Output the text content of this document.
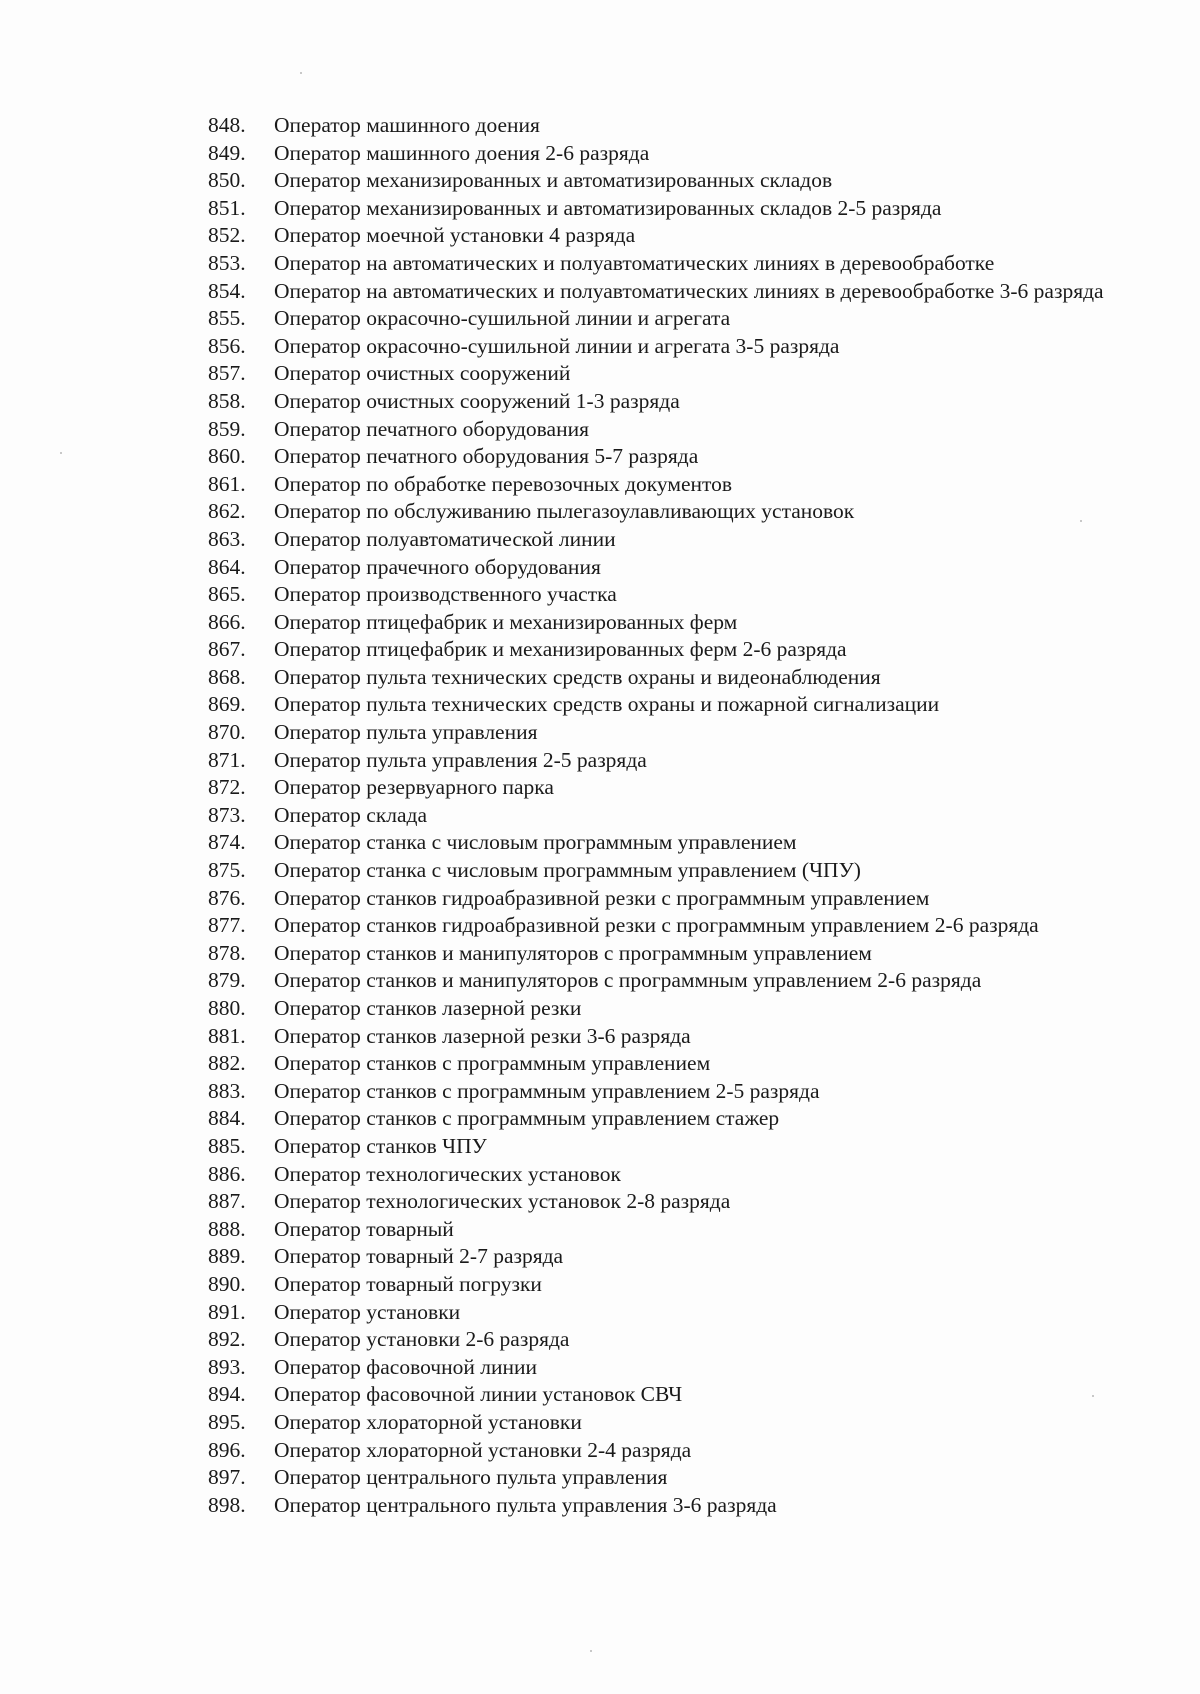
848.	Оператор машинного доения
849.	Оператор машинного доения 2-6 разряда
850.	Оператор механизированных и автоматизированных складов
851.	Оператор механизированных и автоматизированных складов 2-5 разряда
852.	Оператор моечной установки 4 разряда
853.	Оператор на автоматических и полуавтоматических линиях в деревообработке
854.	Оператор на автоматических и полуавтоматических линиях в деревообработке 3-6 разряда
855.	Оператор окрасочно-сушильной линии и агрегата
856.	Оператор окрасочно-сушильной линии и агрегата 3-5 разряда
857.	Оператор очистных сооружений
858.	Оператор очистных сооружений 1-3 разряда
859.	Оператор печатного оборудования
860.	Оператор печатного оборудования 5-7 разряда
861.	Оператор по обработке перевозочных документов
862.	Оператор по обслуживанию пылегазоулавливающих установок
863.	Оператор полуавтоматической линии
864.	Оператор прачечного оборудования
865.	Оператор производственного участка
866.	Оператор птицефабрик и механизированных ферм
867.	Оператор птицефабрик и механизированных ферм 2-6 разряда
868.	Оператор пульта технических средств охраны и видеонаблюдения
869.	Оператор пульта технических средств охраны и пожарной сигнализации
870.	Оператор пульта управления
871.	Оператор пульта управления 2-5 разряда
872.	Оператор резервуарного парка
873.	Оператор склада
874.	Оператор станка с числовым программным управлением
875.	Оператор станка с числовым программным управлением (ЧПУ)
876.	Оператор станков гидроабразивной резки с программным управлением
877.	Оператор станков гидроабразивной резки с программным управлением 2-6 разряда
878.	Оператор станков и манипуляторов с программным управлением
879.	Оператор станков и манипуляторов с программным управлением 2-6 разряда
880.	Оператор станков лазерной резки
881.	Оператор станков лазерной резки 3-6 разряда
882.	Оператор станков с программным управлением
883.	Оператор станков с программным управлением 2-5 разряда
884.	Оператор станков с программным управлением стажер
885.	Оператор станков ЧПУ
886.	Оператор технологических установок
887.	Оператор технологических установок 2-8 разряда
888.	Оператор товарный
889.	Оператор товарный 2-7 разряда
890.	Оператор товарный погрузки
891.	Оператор установки
892.	Оператор установки 2-6 разряда
893.	Оператор фасовочной линии
894.	Оператор фасовочной линии установок СВЧ
895.	Оператор хлораторной установки
896.	Оператор хлораторной установки 2-4 разряда
897.	Оператор центрального пульта управления
898.	Оператор центрального пульта управления 3-6 разряда
